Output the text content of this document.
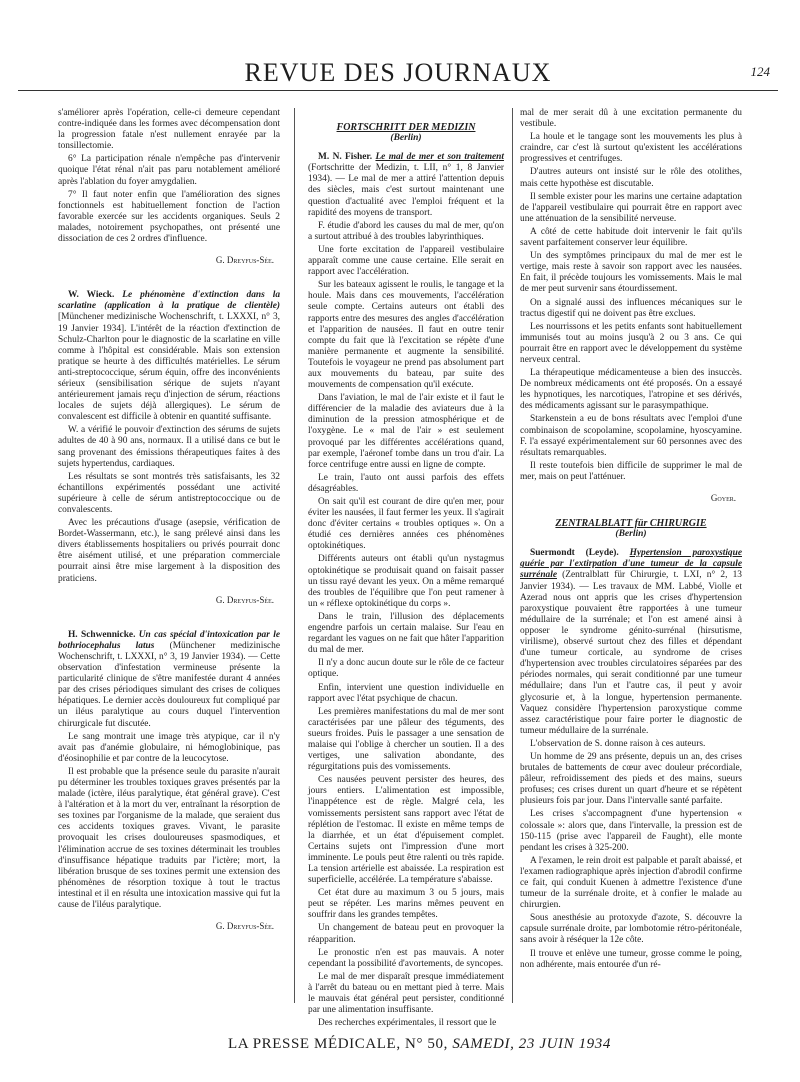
REVUE DES JOURNAUX	124

s'améliorer après l'opération, celle-ci demeure cependant contre-indiquée dans les formes avec décompensation dont la progression fatale n'est nullement enrayée par la tonsillectomie.

6° La participation rénale n'empêche pas d'intervenir quoique l'état rénal n'ait pas paru notablement amélioré après l'ablation du foyer amygdalien.

7° Il faut noter enfin que l'amélioration des signes fonctionnels est habituellement fonction de l'action favorable exercée sur les accidents organiques. Seuls 2 malades, notoirement psychopathes, ont présenté une dissociation de ces 2 ordres d'influence.

G. Dreyfus-Sée.

W. Wieck. Le phénomène d'extinction dans la scarlatine (application à la pratique de clientèle) [Münchener medizinische Wochenschrift, t. LXXXI, n° 3, 19 Janvier 1934]. L'intérêt de la réaction d'extinction de Schulz-Charlton pour le diagnostic de la scarlatine en ville comme à l'hôpital est considérable. Mais son extension pratique se heurte à des difficultés matérielles. Le sérum anti-streptococcique, sérum équin, offre des inconvénients sérieux (sensibilisation sérique de sujets n'ayant antérieurement jamais reçu d'injection de sérum, réactions locales de sujets déjà allergiques). Le sérum de convalescent est difficile à obtenir en quantité suffisante.

W. a vérifié le pouvoir d'extinction des sérums de sujets adultes de 40 à 90 ans, normaux. Il a utilisé dans ce but le sang provenant des émissions thérapeutiques faites à des sujets hypertendus, cardiaques.

Les résultats se sont montrés très satisfaisants, les 32 échantillons expérimentés possédant une activité supérieure à celle de sérum antistreptococcique ou de convalescents.

Avec les précautions d'usage (asepsie, vérification de Bordet-Wassermann, etc.), le sang prélevé ainsi dans les divers établissements hospitaliers ou privés pourrait donc être aisément utilisé, et une préparation commerciale pourrait ainsi être mise largement à la disposition des praticiens.

G. Dreyfus-Sée.

H. Schwennicke. Un cas spécial d'intoxication par le bothriocephalus latus (Münchener medizinische Wochenschrift, t. LXXXI, n° 3, 19 Janvier 1934). — Cette observation d'infestation vermineuse présente la particularité clinique de s'être manifestée durant 4 années par des crises périodiques simulant des crises de coliques hépatiques. Le dernier accès douloureux fut compliqué par un iléus paralytique au cours duquel l'intervention chirurgicale fut discutée.

Le sang montrait une image très atypique, car il n'y avait pas d'anémie globulaire, ni hémoglobinique, pas d'éosinophilie et par contre de la leucocytose.

Il est probable que la présence seule du parasite n'aurait pu déterminer les troubles toxiques graves présentés par la malade (ictère, iléus paralytique, état général grave). C'est à l'altération et à la mort du ver, entraînant la résorption de ses toxines par l'organisme de la malade, que seraient dus ces accidents toxiques graves. Vivant, le parasite provoquait les crises douloureuses spasmodiques, et l'élimination accrue de ses toxines déterminait les troubles d'insuffisance hépatique traduits par l'ictère; mort, la libération brusque de ses toxines permit une extension des phénomènes de résorption toxique à tout le tractus intestinal et il en résulta une intoxication massive qui fut la cause de l'iléus paralytique.

G. Dreyfus-Sée.

FORTSCHRITT DER MEDIZIN

(Berlin)

M. N. Fisher. Le mal de mer et son traitement (Fortschritte der Medizin, t. LII, n° 1, 8 Janvier 1934). — Le mal de mer a attiré l'attention depuis des siècles, mais c'est surtout maintenant une question d'actualité avec l'emploi fréquent et la rapidité des moyens de transport.

F. étudie d'abord les causes du mal de mer, qu'on a surtout attribué à des troubles labyrinthiques.

Une forte excitation de l'appareil vestibulaire apparaît comme une cause certaine. Elle serait en rapport avec l'accélération.

Sur les bateaux agissent le roulis, le tangage et la houle. Mais dans ces mouvements, l'accélération seule compte. Certains auteurs ont établi des rapports entre des mesures des angles d'accélération et l'apparition de nausées. Il faut en outre tenir compte du fait que là l'excitation se répète d'une manière permanente et augmente la sensibilité. Toutefois le voyageur ne prend pas absolument part aux mouvements du bateau, par suite des mouvements de compensation qu'il exécute.

Dans l'aviation, le mal de l'air existe et il faut le différencier de la maladie des aviateurs due à la diminution de la pression atmosphérique et de l'oxygène. Le « mal de l'air » est seulement provoqué par les différentes accélérations quand, par exemple, l'aéronef tombe dans un trou d'air. La force centrifuge entre aussi en ligne de compte.

Le train, l'auto ont aussi parfois des effets désagréables.

On sait qu'il est courant de dire qu'en mer, pour éviter les nausées, il faut fermer les yeux. Il s'agirait donc d'éviter certains « troubles optiques ». On a étudié ces dernières années ces phénomènes optokinétiques.

Différents auteurs ont établi qu'un nystagmus optokinétique se produisait quand on faisait passer un tissu rayé devant les yeux. On a même remarqué des troubles de l'équilibre que l'on peut ramener à un « réflexe optokinétique du corps ».

Dans le train, l'illusion des déplacements engendre parfois un certain malaise. Sur l'eau en regardant les vagues on ne fait que hâter l'apparition du mal de mer.

Il n'y a donc aucun doute sur le rôle de ce facteur optique.

Enfin, intervient une question individuelle en rapport avec l'état psychique de chacun.

Les premières manifestations du mal de mer sont caractérisées par une pâleur des téguments, des sueurs froides. Puis le passager a une sensation de malaise qui l'oblige à chercher un soutien. Il a des vertiges, une salivation abondante, des régurgitations puis des vomissements.

Ces nausées peuvent persister des heures, des jours entiers. L'alimentation est impossible, l'inappétence est de règle. Malgré cela, les vomissements persistent sans rapport avec l'état de réplétion de l'estomac. Il existe en même temps de la diarrhée, et un état d'épuisement complet. Certains sujets ont l'impression d'une mort imminente. Le pouls peut être ralenti ou très rapide. La tension artérielle est abaissée. La respiration est superficielle, accélérée. La température s'abaisse.

Cet état dure au maximum 3 ou 5 jours, mais peut se répéter. Les marins mêmes peuvent en souffrir dans les grandes tempêtes.

Un changement de bateau peut en provoquer la réapparition.

Le pronostic n'en est pas mauvais. A noter cependant la possibilité d'avortements, de syncopes.

Le mal de mer disparaît presque immédiatement à l'arrêt du bateau ou en mettant pied à terre. Mais le mauvais état général peut persister, conditionné par une alimentation insuffisante.

Des recherches expérimentales, il ressort que le

mal de mer serait dû à une excitation permanente du vestibule.

La houle et le tangage sont les mouvements les plus à craindre, car c'est là surtout qu'existent les accélérations progressives et centrifuges.

D'autres auteurs ont insisté sur le rôle des otolithes, mais cette hypothèse est discutable.

Il semble exister pour les marins une certaine adaptation de l'appareil vestibulaire qui pourrait être en rapport avec une atténuation de la sensibilité nerveuse.

A côté de cette habitude doit intervenir le fait qu'ils savent parfaitement conserver leur équilibre.

Un des symptômes principaux du mal de mer est le vertige, mais reste à savoir son rapport avec les nausées. En fait, il précède toujours les vomissements. Mais le mal de mer peut survenir sans étourdissement.

On a signalé aussi des influences mécaniques sur le tractus digestif qui ne doivent pas être exclues.

Les nourrissons et les petits enfants sont habituellement immunisés tout au moins jusqu'à 2 ou 3 ans. Ce qui pourrait être en rapport avec le développement du système nerveux central.

La thérapeutique médicamenteuse a bien des insuccès. De nombreux médicaments ont été proposés. On a essayé les hypnotiques, les narcotiques, l'atropine et ses dérivés, des médicaments agissant sur le parasympathique.

Starkenstein a eu de bons résultats avec l'emploi d'une combinaison de scopolamine, scopolamine, hyoscyamine. F. l'a essayé expérimentalement sur 60 personnes avec des résultats remarquables.

Il reste toutefois bien difficile de supprimer le mal de mer, mais on peut l'atténuer.

Goyer.

ZENTRALBLATT für CHIRURGIE

(Berlin)

Suermondt (Leyde). Hypertension paroxystique guérie par l'extirpation d'une tumeur de la capsule surrénale (Zentralblatt für Chirurgie, t. LXI, n° 2, 13 Janvier 1934). — Les travaux de MM. Labbé, Violle et Azerad nous ont appris que les crises d'hypertension paroxystique pouvaient être rapportées à une tumeur médullaire de la surrénale; et l'on est amené ainsi à opposer le syndrome génito-surrénal (hirsutisme, virilisme), observé surtout chez des filles et dépendant d'une tumeur corticale, au syndrome de crises d'hypertension avec troubles circulatoires séparées par des périodes normales, qui serait conditionné par une tumeur médullaire; dans l'un et l'autre cas, il peut y avoir glycosurie et, à la longue, hypertension permanente. Vaquez considère l'hypertension paroxystique comme assez caractéristique pour faire porter le diagnostic de tumeur médullaire de la surrénale.

L'observation de S. donne raison à ces auteurs.

Un homme de 29 ans présente, depuis un an, des crises brutales de battements de cœur avec douleur précordiale, pâleur, refroidissement des pieds et des mains, sueurs profuses; ces crises durent un quart d'heure et se répètent plusieurs fois par jour. Dans l'intervalle santé parfaite.

Les crises s'accompagnent d'une hypertension « colossale »: alors que, dans l'intervalle, la pression est de 150-115 (prise avec l'appareil de Faught), elle monte pendant les crises à 325-200.

A l'examen, le rein droit est palpable et paraît abaissé, et l'examen radiographique après injection d'abrodil confirme ce fait, qui conduit Kuenen à admettre l'existence d'une tumeur de la surrénale droite, et à confier le malade au chirurgien.

Sous anesthésie au protoxyde d'azote, S. découvre la capsule surrénale droite, par lombotomie rétro-péritonéale, sans avoir à réséquer la 12e côte.

Il trouve et enlève une tumeur, grosse comme le poing, non adhérente, mais entourée d'un ré-

LA PRESSE MÉDICALE, N° 50, SAMEDI, 23 JUIN 1934
